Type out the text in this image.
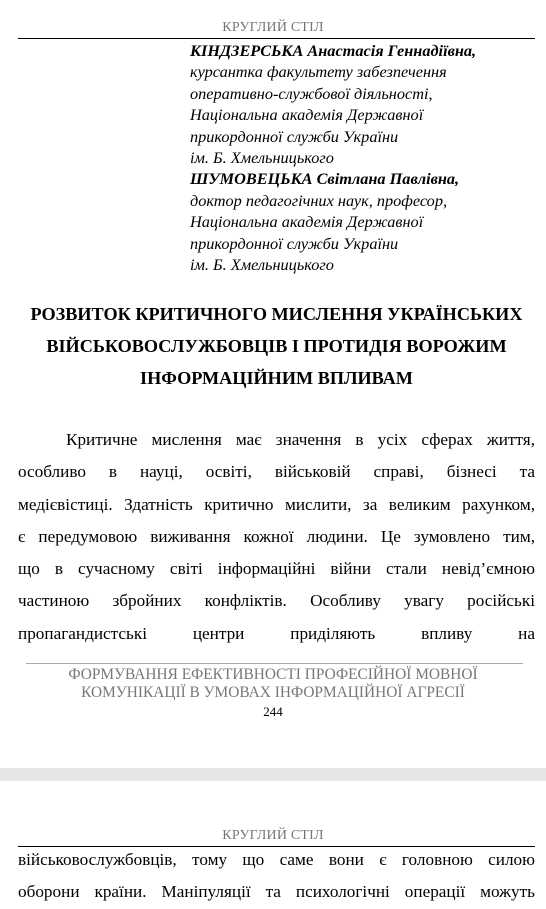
КРУГЛИЙ СТІЛ
КІНДЗЕРСЬКА Анастасія Геннадіївна,
курсантка факультету забезпечення
оперативно-службової діяльності,
Національна академія Державної
прикордонної служби України
ім. Б. Хмельницького
ШУМОВЕЦЬКА Світлана Павлівна,
доктор педагогічних наук, професор,
Національна академія Державної
прикордонної служби України
ім. Б. Хмельницького
РОЗВИТОК КРИТИЧНОГО МИСЛЕННЯ УКРАЇНСЬКИХ
ВІЙСЬКОВОСЛУЖБОВЦІВ І ПРОТИДІЯ ВОРОЖИМ
ІНФОРМАЦІЙНИМ ВПЛИВАМ
Критичне мислення має значення в усіх сферах життя,
особливо в науці, освіті, військовій справі, бізнесі та
медієвістиці. Здатність критично мислити, за великим рахунком,
є передумовою виживання кожної людини. Це зумовлено тим,
що в сучасному світі інформаційні війни стали невід’ємною
частиною збройних конфліктів. Особливу увагу російські
пропагандистські центри приділяють впливу на
ФОРМУВАННЯ ЕФЕКТИВНОСТІ ПРОФЕСІЙНОЇ МОВНОЇ
КОМУНІКАЦІЇ В УМОВАХ ІНФОРМАЦІЙНОЇ АГРЕСІЇ
244
КРУГЛИЙ СТІЛ
військовослужбовців, тому що саме вони є головною силою
оборони країни. Маніпуляції та психологічні операції можуть
